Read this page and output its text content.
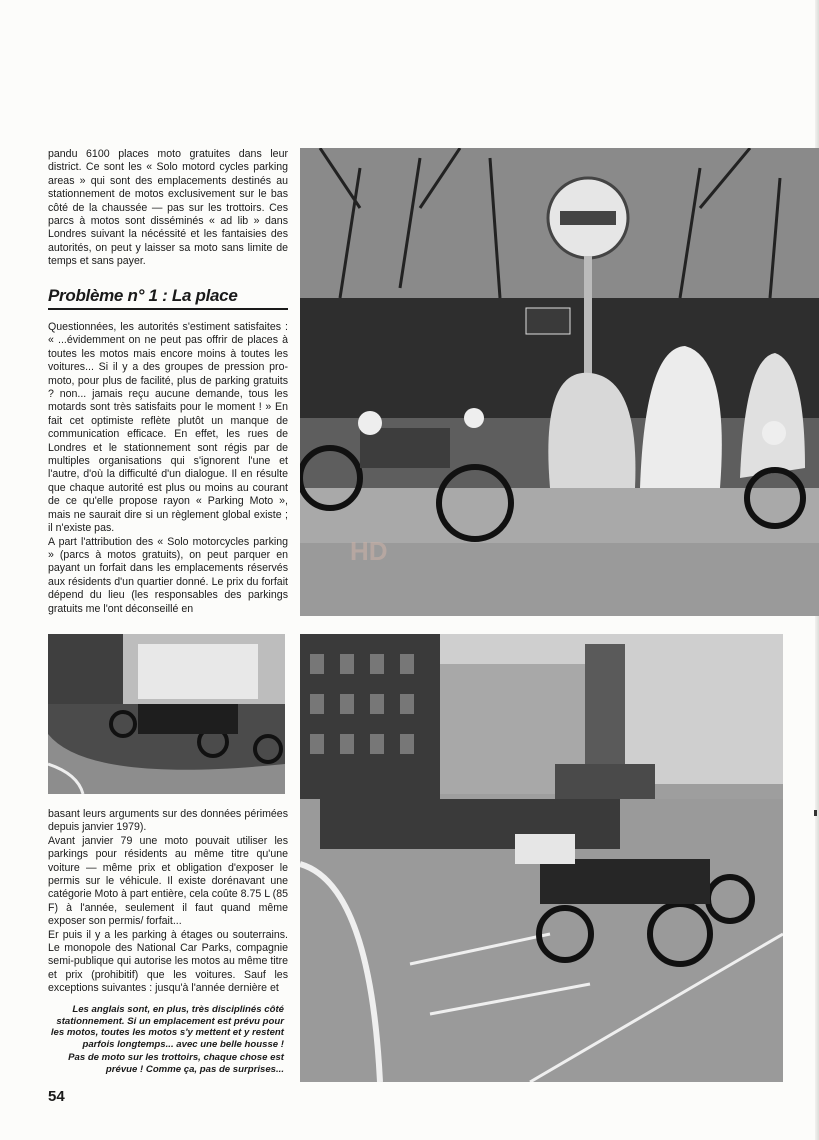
pandu 6100 places moto gratuites dans leur district. Ce sont les « Solo motord cycles parking areas » qui sont des emplacements destinés au stationnement de motos exclusivement sur le bas côté de la chaussée — pas sur les trottoirs. Ces parcs à motos sont disséminés « ad lib » dans Londres suivant la nécéssité et les fantaisies des autorités, on peut y laisser sa moto sans limite de temps et sans payer.

Problème n° 1 : La place

Questionnées, les autorités s'estiment satisfaites : « ...évidemment on ne peut pas offrir de places à toutes les motos mais encore moins à toutes les voitures... Si il y a des groupes de pression pro-moto, pour plus de facilité, plus de parking gratuits ? non... jamais reçu aucune demande, tous les motards sont très satisfaits pour le moment ! » En fait cet optimiste reflète plutôt un manque de communication efficace. En effet, les rues de Londres et le stationnement sont régis par de multiples organisations qui s'ignorent l'une et l'autre, d'où la difficulté d'un dialogue. Il en résulte que chaque autorité est plus ou moins au courant de ce qu'elle propose rayon « Parking Moto », mais ne saurait dire si un règlement global existe ; il n'existe pas.

A part l'attribution des « Solo motorcycles parking » (parcs à motos gratuits), on peut parquer en payant un forfait dans les emplacements réservés aux résidents d'un quartier donné. Le prix du forfait dépend du lieu (les responsables des parkings gratuits me l'ont déconseillé en

basant leurs arguments sur des données périmées depuis janvier 1979).

Avant janvier 79 une moto pouvait utiliser les parkings pour résidents au même titre qu'une voiture — même prix et obligation d'exposer le permis sur le véhicule. Il existe dorénavant une catégorie Moto à part entière, cela coûte 8.75 L (85 F) à l'année, seulement il faut quand même exposer son permis/ forfait...

Er puis il y a les parking à étages ou souterrains. Le monopole des National Car Parks, compagnie semi-publique qui autorise les motos au même titre et prix (prohibitif) que les voitures. Sauf les exceptions suivantes : jusqu'à l'année dernière et

Les anglais sont, en plus, très disciplinés côté stationnement. Si un emplacement est prévu pour les motos, toutes les motos s'y mettent et y restent parfois longtemps... avec une belle housse !

Pas de moto sur les trottoirs, chaque chose est prévue ! Comme ça, pas de surprises...

54
HD
